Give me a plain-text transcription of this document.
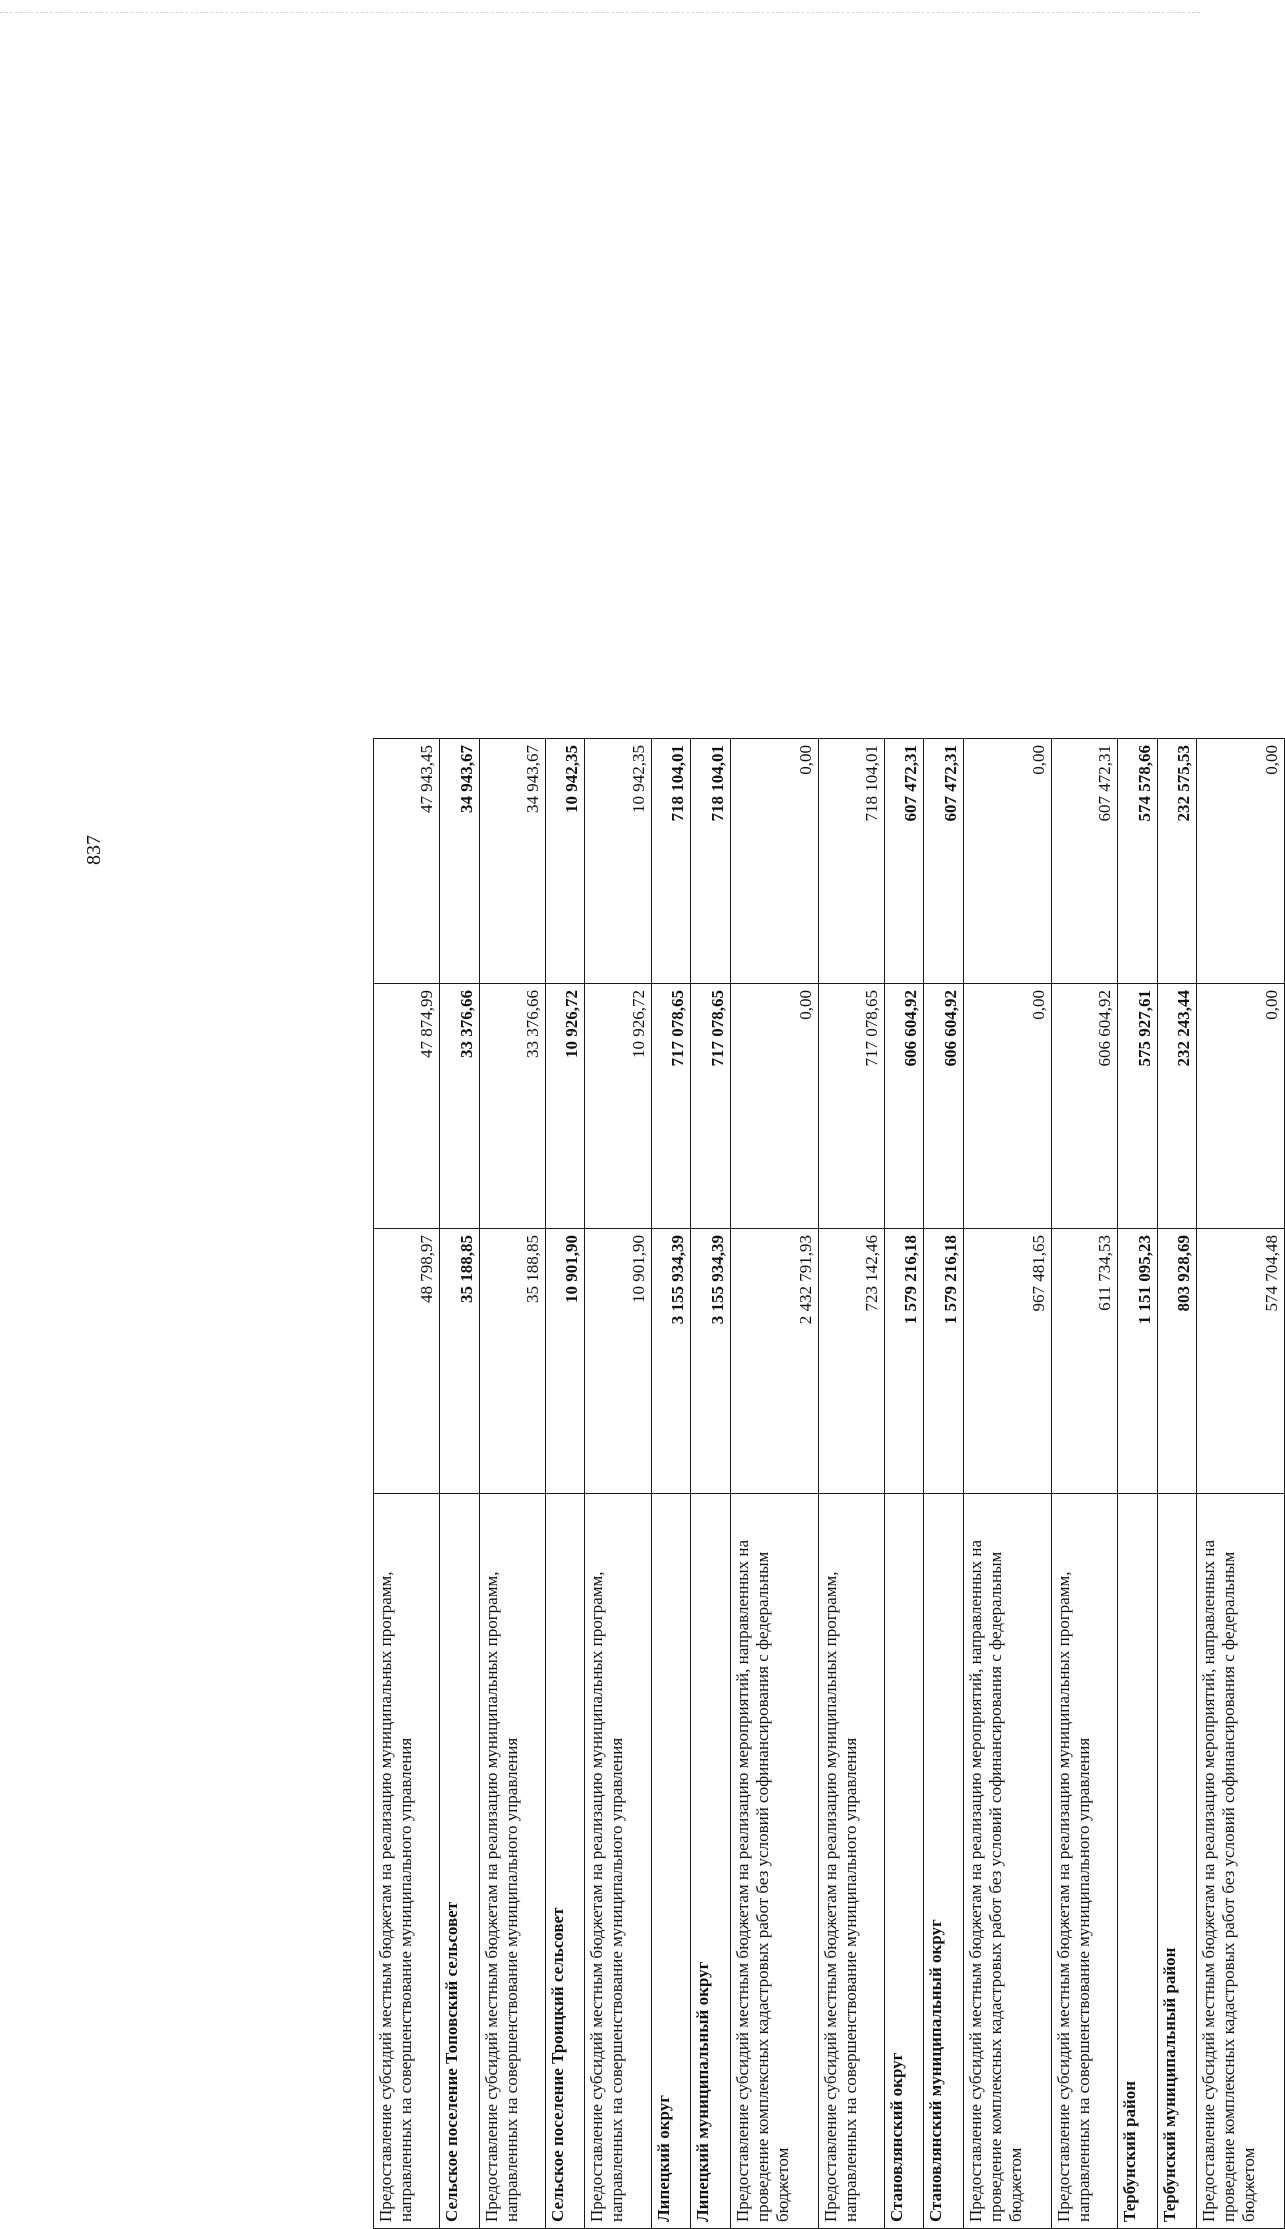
837
Предоставление субсидий местным бюджетам на реализацию муниципальных программ, направленных на совершенствование муниципального управления	48 798,97	47 874,99	47 943,45
Сельское поселение Топовский сельсовет	35 188,85	33 376,66	34 943,67
Предоставление субсидий местным бюджетам на реализацию муниципальных программ, направленных на совершенствование муниципального управления	35 188,85	33 376,66	34 943,67
Сельское поселение Троицкий сельсовет	10 901,90	10 926,72	10 942,35
Предоставление субсидий местным бюджетам на реализацию муниципальных программ, направленных на совершенствование муниципального управления	10 901,90	10 926,72	10 942,35
Липецкий округ	3 155 934,39	717 078,65	718 104,01
Липецкий муниципальный округ	3 155 934,39	717 078,65	718 104,01
Предоставление субсидий местным бюджетам на реализацию мероприятий, направленных на проведение комплексных кадастровых работ без условий софинансирования с федеральным бюджетом	2 432 791,93	0,00	0,00
Предоставление субсидий местным бюджетам на реализацию муниципальных программ, направленных на совершенствование муниципального управления	723 142,46	717 078,65	718 104,01
Становлянский округ	1 579 216,18	606 604,92	607 472,31
Становлянский муниципальный округ	1 579 216,18	606 604,92	607 472,31
Предоставление субсидий местным бюджетам на реализацию мероприятий, направленных на проведение комплексных кадастровых работ без условий софинансирования с федеральным бюджетом	967 481,65	0,00	0,00
Предоставление субсидий местным бюджетам на реализацию муниципальных программ, направленных на совершенствование муниципального управления	611 734,53	606 604,92	607 472,31
Тербунский район	1 151 095,23	575 927,61	574 578,66
Тербунский муниципальный район	803 928,69	232 243,44	232 575,53
Предоставление субсидий местным бюджетам на реализацию мероприятий, направленных на проведение комплексных кадастровых работ без условий софинансирования с федеральным бюджетом	574 704,48	0,00	0,00
